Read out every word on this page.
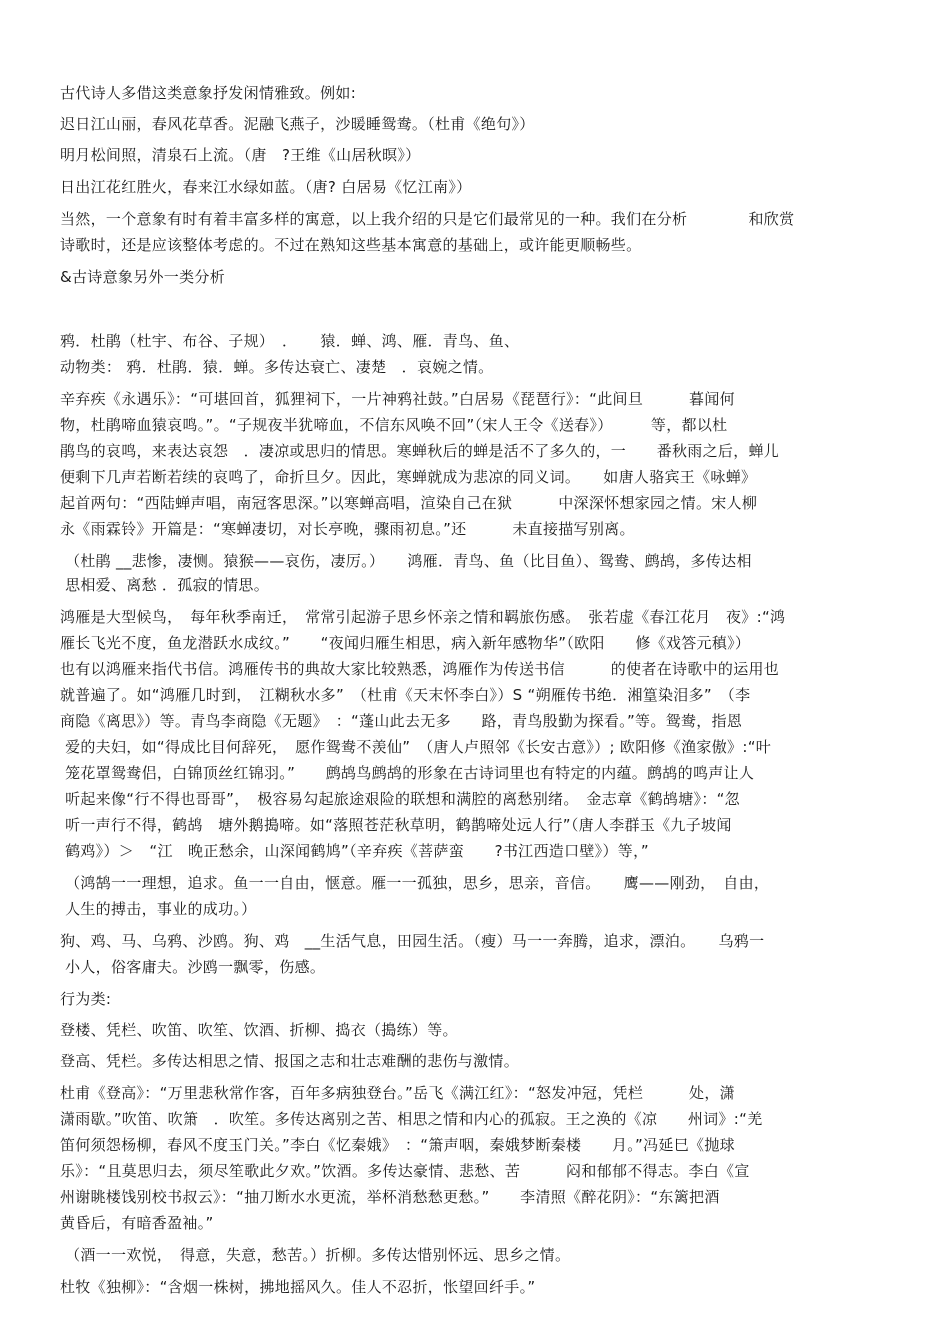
古代诗人多借这类意象抒发闲情雅致。例如:
迟日江山丽，春风花草香。泥融飞燕子，沙暖睡鸳鸯。（杜甫《绝句》）
明月松间照，清泉石上流。（唐　?王维《山居秋暝》）
日出江花红胜火，春来江水绿如蓝。（唐? 白居易《忆江南》）
当然，一个意象有时有着丰富多样的寓意，以上我介绍的只是它们最常见的一种。我们在分析　　　　和欣赏
诗歌时，还是应该整体考虑的。不过在熟知这些基本寓意的基础上，或许能更顺畅些。
&古诗意象另外一类分析
鸦．杜鹃（杜宇、布谷、子规）　．　　猿．蝉、鸿、雁．青鸟、鱼、
动物类： 鸦．杜鹃．猿．蝉。多传达衰亡、凄楚　．哀婉之情。
辛弃疾《永遇乐》：“可堪回首，狐狸祠下，一片神鸦社鼓。”白居易《琵琶行》：“此间旦　　　暮闻何
物，杜鹃啼血猿哀鸣。”。“子规夜半犹啼血，不信东风唤不回”（宋人王令《送春》）　　　等，都以杜
鹃鸟的哀鸣，来表达哀怨　．凄凉或思归的情思。寒蝉秋后的蝉是活不了多久的，一　　番秋雨之后，蝉儿
便剩下几声若断若续的哀鸣了，命折旦夕。因此，寒蝉就成为悲凉的同义词。　　如唐人骆宾王《咏蝉》
起首两句：“西陆蝉声唱，南冠客思深。”以寒蝉高唱，渲染自己在狱　　　中深深怀想家园之情。宋人柳
永《雨霖铃》开篇是：“寒蝉凄切，对长亭晚，骤雨初息。”还　　　未直接描写别离。
（杜鹃 __悲惨，凄恻。猿猴——哀伤，凄厉。）　　鸿雁．青鸟、鱼（比目鱼）、鸳鸯、鹧鸪，多传达相
思相爱、离愁 ．孤寂的情思。
鸿雁是大型候鸟，　每年秋季南迁，　常常引起游子思乡怀亲之情和羁旅伤感。　张若虚《春江花月　夜》:“鸿
雁长飞光不度，鱼龙潜跃水成纹。”　　“夜闻归雁生相思，病入新年感物华”（欧阳　　修《戏答元稹》）
也有以鸿雁来指代书信。鸿雁传书的典故大家比较熟悉，鸿雁作为传送书信　　　的使者在诗歌中的运用也
就普遍了。如“鸿雁几时到，　江糊秋水多”　（杜甫《天末怀李白》）S “朔雁传书绝．湘篁染泪多”　（李
商隐《离思》）等。青鸟李商隐《无题》　：“蓬山此去无多　　路，青鸟殷勤为探看。”等。鸳鸯，指恩
爱的夫妇，如“得成比目何辞死，　愿作鸳鸯不羡仙”　（唐人卢照邻《长安古意》）; 欧阳修《渔家傲》:“叶
笼花罩鸳鸯侣，白锦顶丝红锦羽。”　　鹧鸪鸟鹧鸪的形象在古诗词里也有特定的内蕴。鹧鸪的鸣声让人
听起来像“行不得也哥哥”，　极容易勾起旅途艰险的联想和满腔的离愁别绪。　金志章《鹤鸪塘》：“忽
听一声行不得，鹤鸪　塘外鹅搗啼。如“落照苍茫秋草明，鹤鹊啼处远人行”（唐人李群玉《九子坡闻
鹤鸡》）＞　“江　晚正愁余，山深闻鹤鸠”（辛弃疾《菩萨蛮　　?书江西造口壁》）等，”
（鸿鹄一一理想，追求。鱼一一自由，惬意。雁一一孤独，思乡，思亲，音信。　　鹰——刚劲，　自由，
人生的搏击，事业的成功。）
狗、鸡、马、乌鸦、沙鸥。狗、鸡　__生活气息，田园生活。（瘦）马一一奔腾，追求，漂泊。　　乌鸦一
小人，俗客庸夫。沙鸥一飘零，伤感。
行为类:
登楼、凭栏、吹笛、吹笙、饮酒、折柳、捣衣（搗练）等。
登高、凭栏。多传达相思之情、报国之志和壮志难酬的悲伤与激情。
杜甫《登高》：“万里悲秋常作客，百年多病独登台。”岳飞《满江红》：“怒发冲冠，凭栏　　　处，潇
潇雨歇。”吹笛、吹箫　．吹笙。多传达离别之苦、相思之情和内心的孤寂。王之涣的《凉　　州词》:“羌
笛何须怨杨柳，春风不度玉门关。”李白《忆秦娥》　：“箫声咽，秦娥梦断秦楼　　月。”冯延巳《抛球
乐》：“且莫思归去，须尽笙歌此夕欢。”饮酒。多传达豪情、悲愁、苦　　　闷和郁郁不得志。李白《宣
州谢眺楼饯别校书叔云》：“抽刀断水水更流，举杯消愁愁更愁。”　　李清照《醉花阴》：“东篱把酒
黄昏后，有暗香盈袖。”
（酒一一欢悦，　得意，失意，愁苦。）折柳。多传达惜别怀远、思乡之情。
杜牧《独柳》：“含烟一株树，拂地摇风久。佳人不忍折，怅望回纤手。”
